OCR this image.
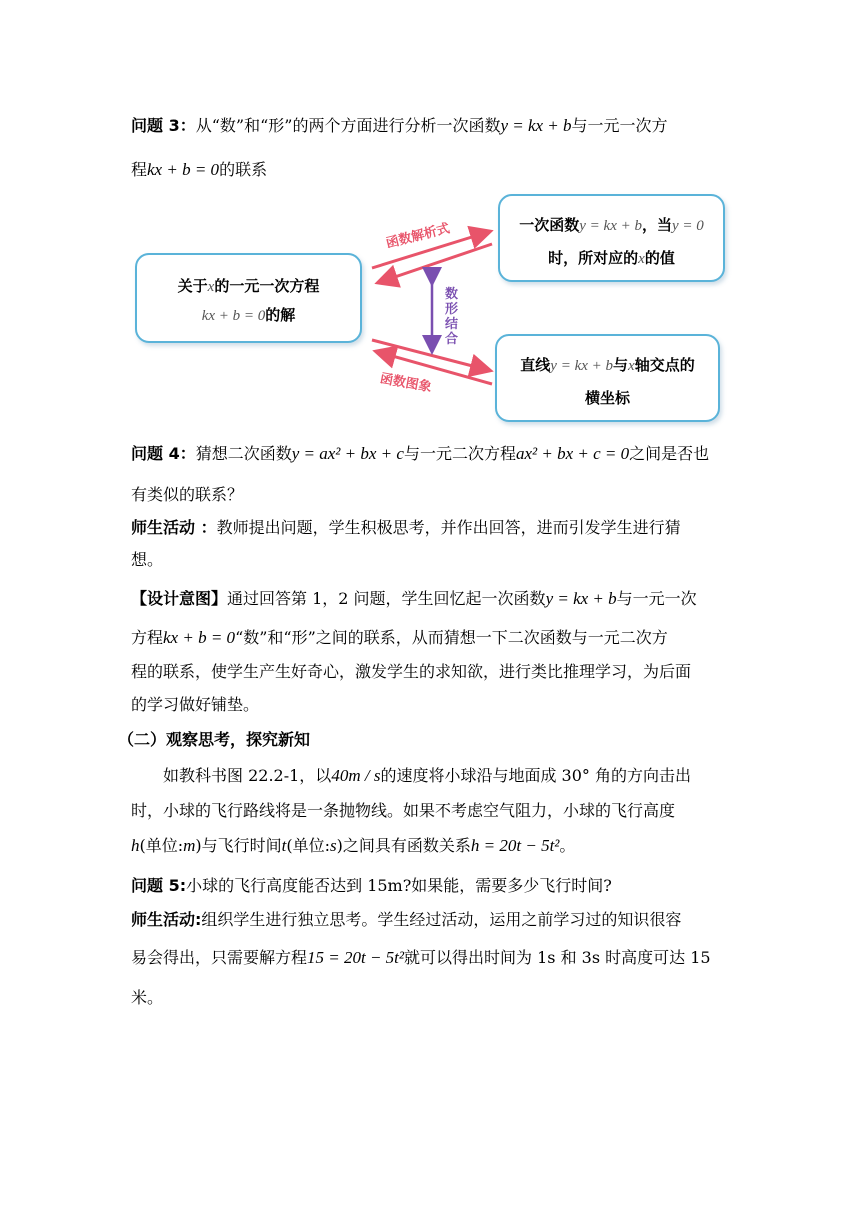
问题 3：从“数”和“形”的两个方面进行分析一次函数y = kx + b与一元一次方
程kx + b = 0的联系
关于x的一元一次方程
kx + b = 0的解
一次函数y = kx + b，当y = 0
时，所对应的x的值
直线y = kx + b与x轴交点的
横坐标
函数解析式
数形结合
函数图象
问题 4：猜想二次函数y = ax² + bx + c与一元二次方程ax² + bx + c = 0之间是否也
有类似的联系？
师生活动 ：教师提出问题，学生积极思考，并作出回答，进而引发学生进行猜
想。
【设计意图】通过回答第 1，2 问题，学生回忆起一次函数y = kx + b与一元一次
方程kx + b = 0“数”和“形”之间的联系，从而猜想一下二次函数与一元二次方
程的联系，使学生产生好奇心，激发学生的求知欲，进行类比推理学习，为后面
的学习做好铺垫。
（二）观察思考，探究新知
如教科书图 22.2-1，以40m / s的速度将小球沿与地面成 30° 角的方向击出
时，小球的飞行路线将是一条抛物线。如果不考虑空气阻力，小球的飞行高度
h(单位:m)与飞行时间t(单位:s)之间具有函数关系h = 20t − 5t²。
问题 5:小球的飞行高度能否达到 15m?如果能，需要多少飞行时间?
师生活动:组织学生进行独立思考。学生经过活动，运用之前学习过的知识很容
易会得出，只需要解方程15 = 20t − 5t²就可以得出时间为 1s 和 3s 时高度可达 15
米。
